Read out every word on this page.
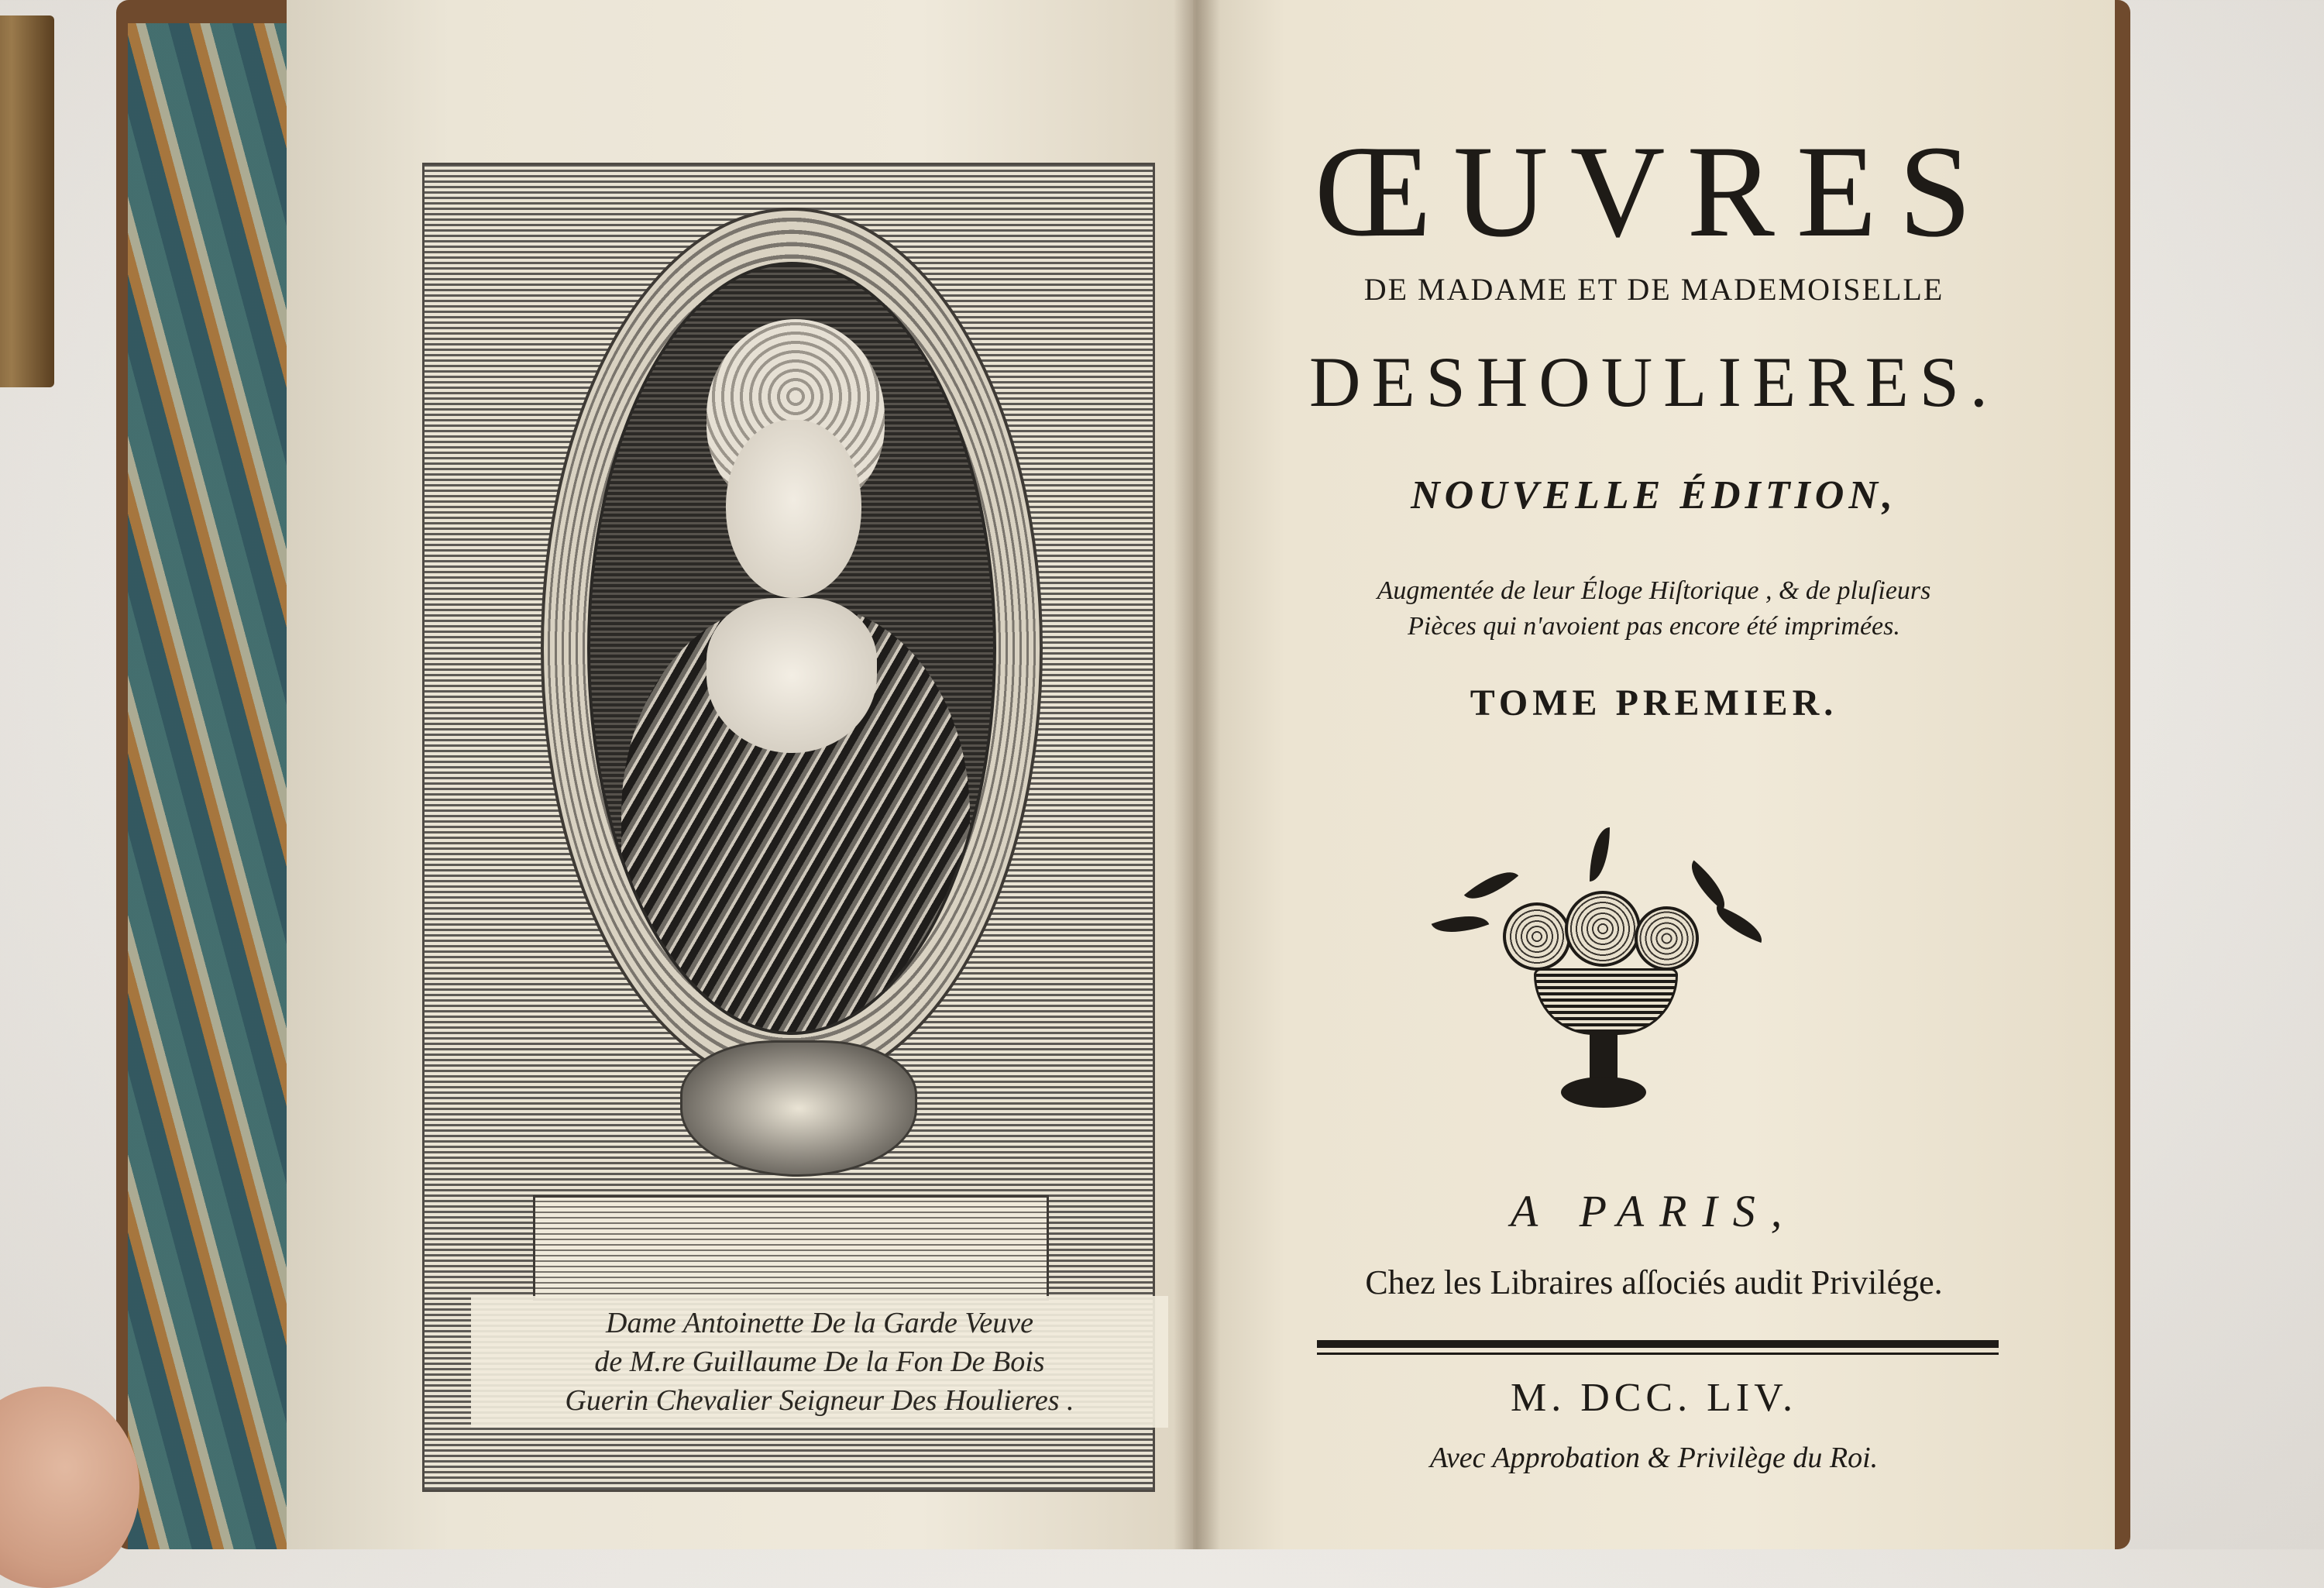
Dame Antoinette De la Garde Veuve
de M.re Guillaume De la Fon De Bois
Guerin Chevalier Seigneur Des Houlieres .
ŒUVRES
DE MADAME ET DE MADEMOISELLE
DESHOULIERES.
NOUVELLE ÉDITION,
Augmentée de leur Éloge Hiſtorique , & de pluſieurs
Pièces qui n'avoient pas encore été imprimées.
TOME PREMIER.
A PARIS,
Chez les Libraires aſſociés audit Privilége.
M. DCC. LIV.
Avec Approbation & Privilège du Roi.
